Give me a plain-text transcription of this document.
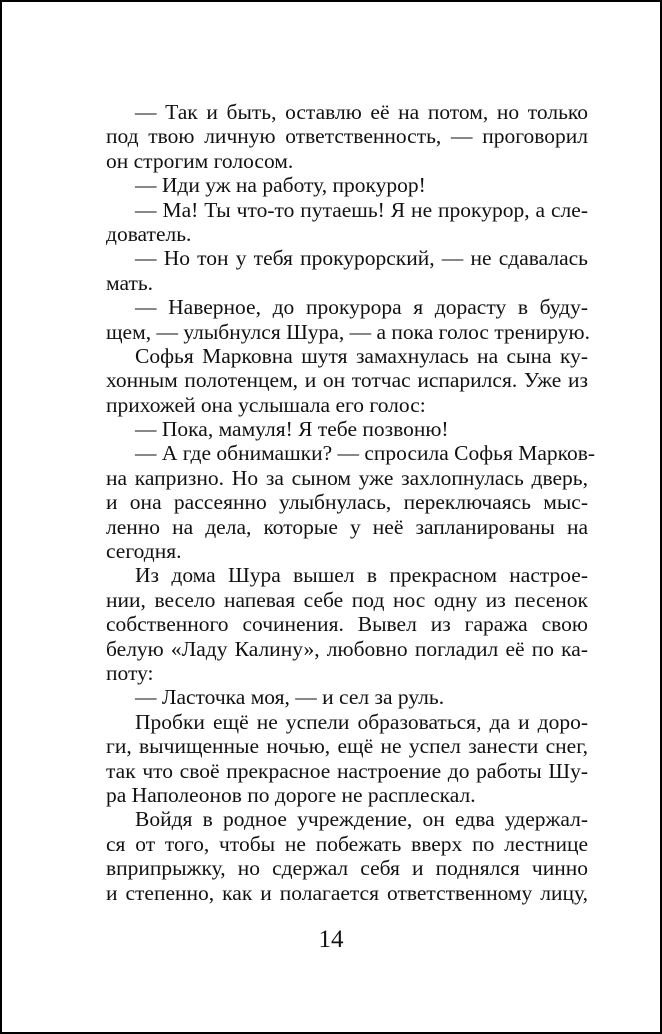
— Так и быть, оставлю её на потом, но только
под твою личную ответственность, — проговорил
он строгим голосом.
— Иди уж на работу, прокурор!
— Ма! Ты что-то путаешь! Я не прокурор, а сле-
дователь.
— Но тон у тебя прокурорский, — не сдавалась
мать.
— Наверное, до прокурора я дорасту в буду-
щем, — улыбнулся Шура, — а пока голос тренирую.
Софья Марковна шутя замахнулась на сына ку-
хонным полотенцем, и он тотчас испарился. Уже из
прихожей она услышала его голос:
— Пока, мамуля! Я тебе позвоню!
— А где обнимашки? — спросила Софья Марков-
на капризно. Но за сыном уже захлопнулась дверь,
и она рассеянно улыбнулась, переключаясь мыс-
ленно на дела, которые у неё запланированы на
сегодня.
Из дома Шура вышел в прекрасном настрое-
нии, весело напевая себе под нос одну из песенок
собственного сочинения. Вывел из гаража свою
белую «Ладу Калину», любовно погладил её по ка-
поту:
— Ласточка моя, — и сел за руль.
Пробки ещё не успели образоваться, да и доро-
ги, вычищенные ночью, ещё не успел занести снег,
так что своё прекрасное настроение до работы Шу-
ра Наполеонов по дороге не расплескал.
Войдя в родное учреждение, он едва удержал-
ся от того, чтобы не побежать вверх по лестнице
вприпрыжку, но сдержал себя и поднялся чинно
и степенно, как и полагается ответственному лицу,
14
